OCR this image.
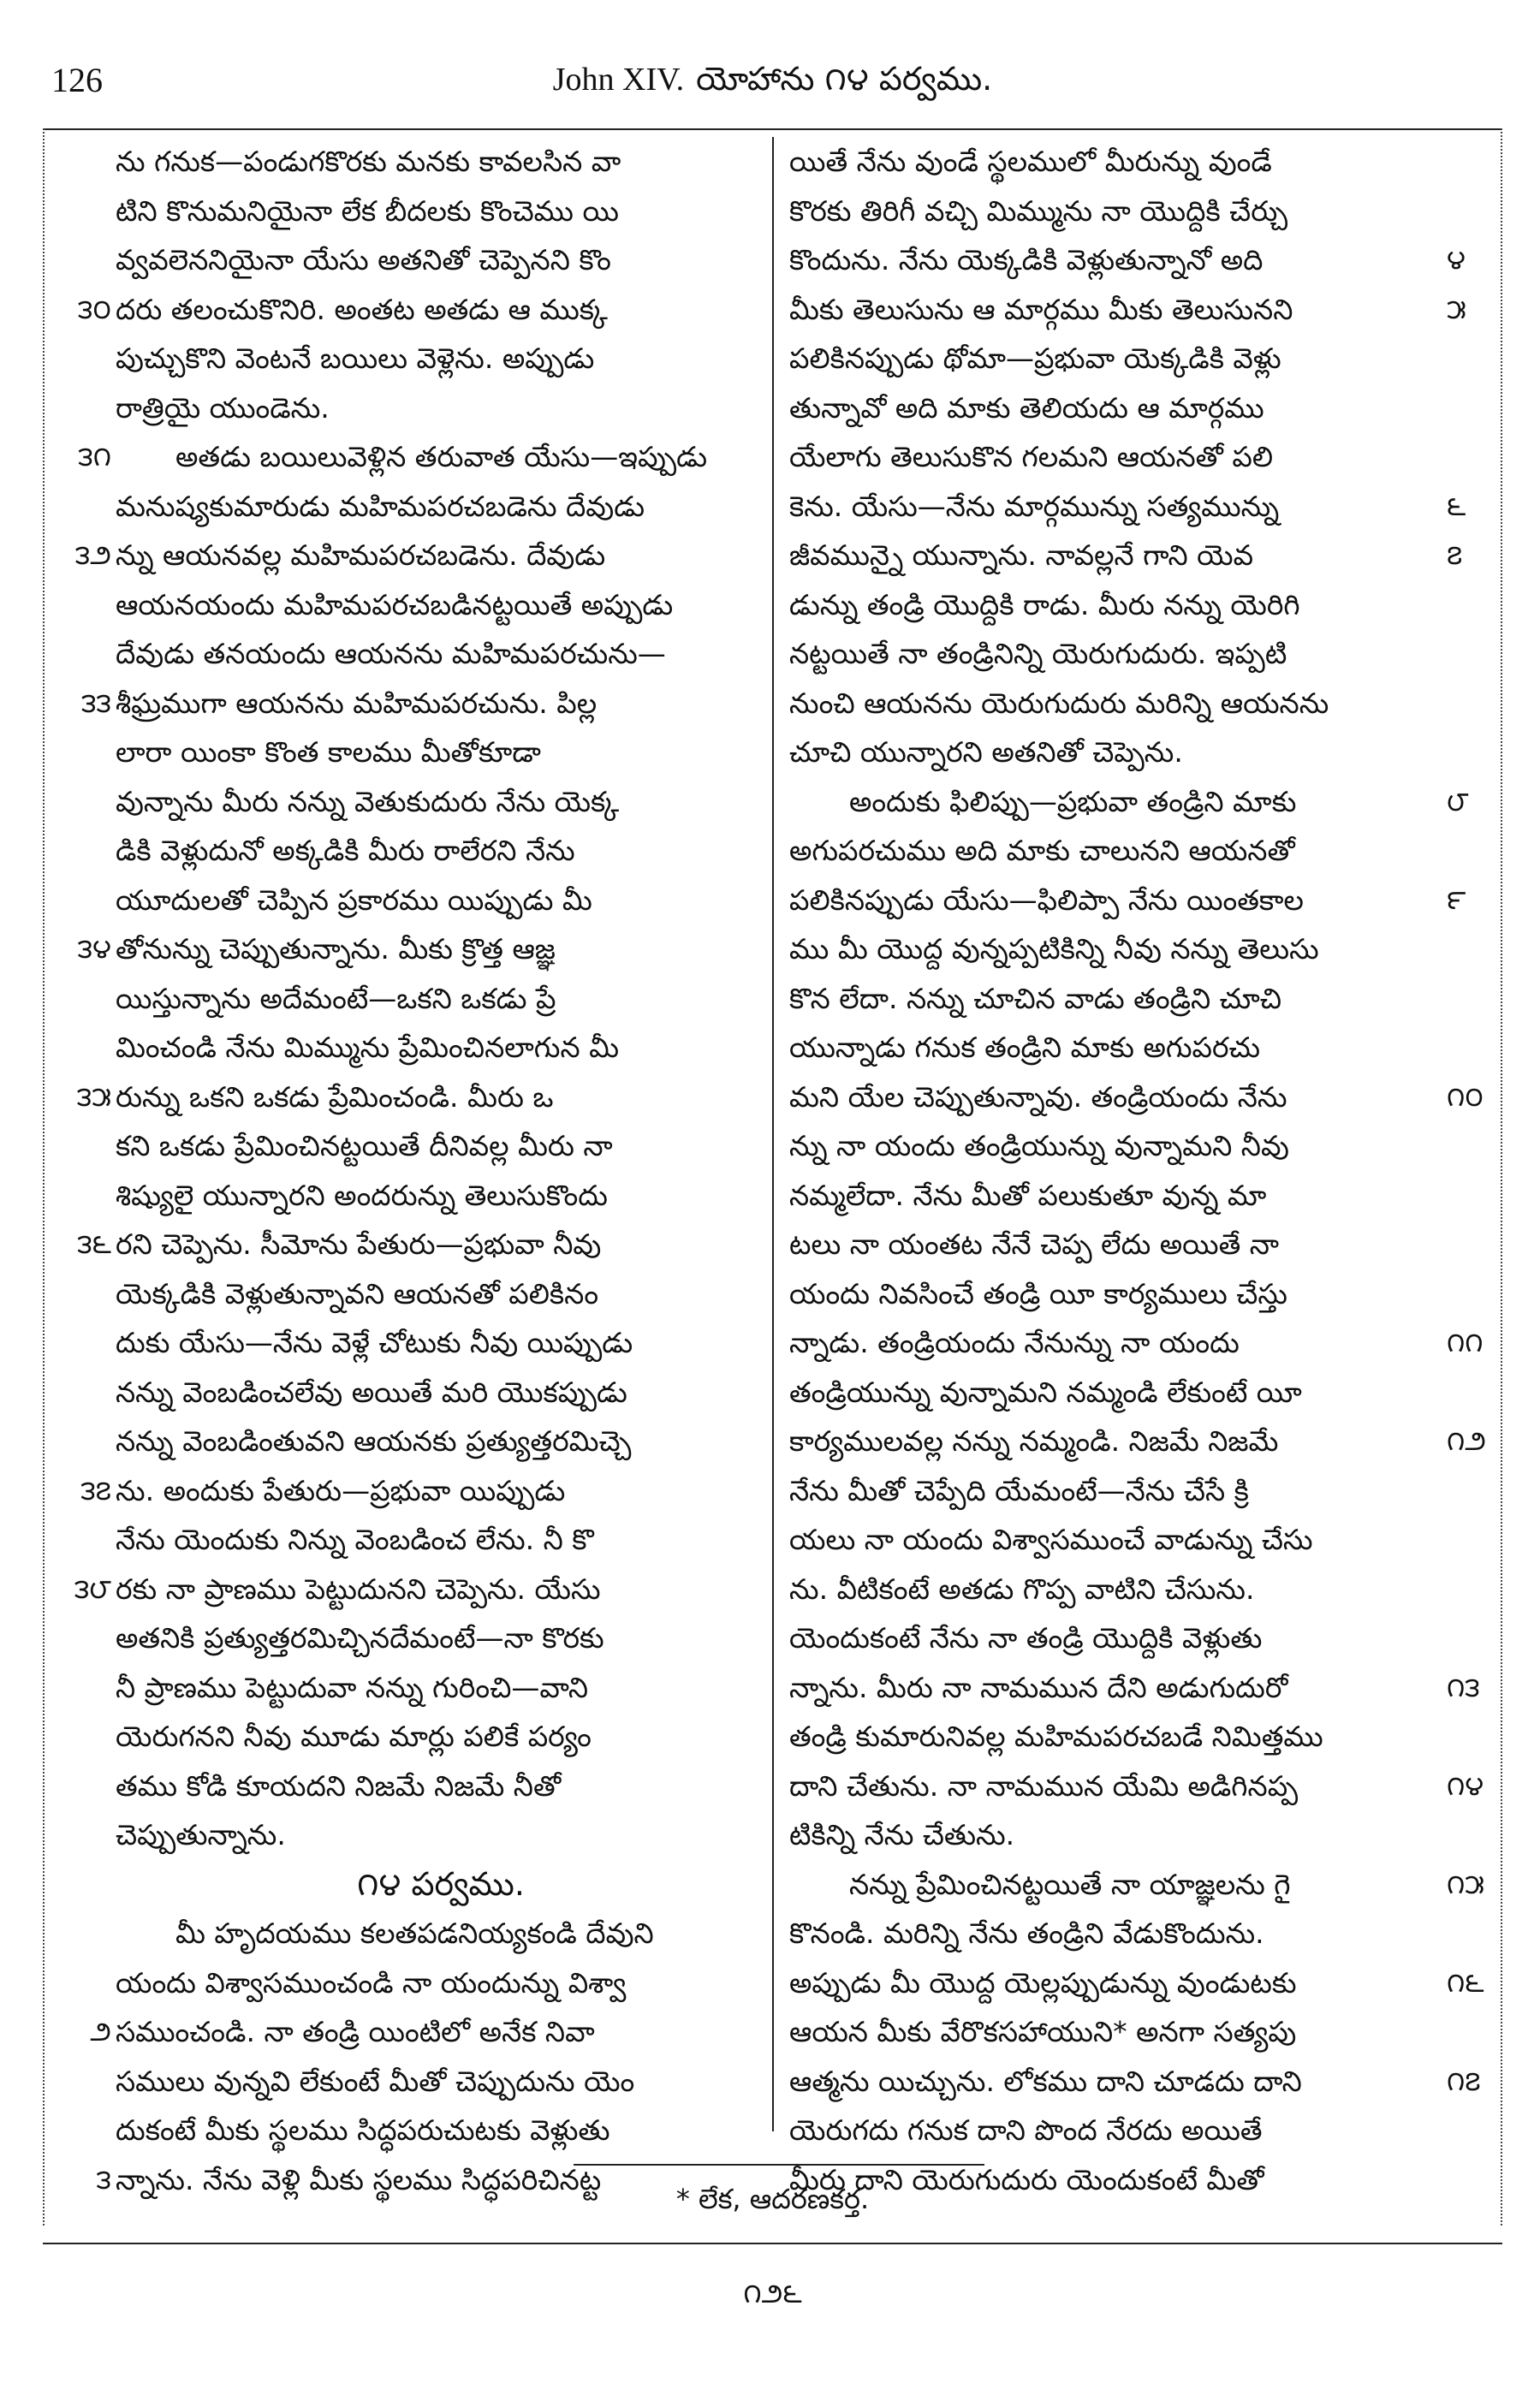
126	John XIV. యోహాను ౧౪ పర్వము.
ను గనుక—పండుగకొరకు మనకు కావలసిన వా
టిని కొనుమనియైనా లేక బీదలకు కొంచెము యి
వ్వవలెననియైనా యేసు అతనితో చెప్పెనని కొం
౩౦ దరు తలంచుకొనిరి. అంతట అతడు ఆ ముక్క
పుచ్చుకొని వెంటనే బయిలు వెళ్లెను. అప్పుడు
రాత్రియై యుండెను.
౩౧ అతడు బయిలువెళ్లిన తరువాత యేసు—ఇప్పుడు
మనుష్యకుమారుడు మహిమపరచబడెను దేవుడు
౩౨ న్ను ఆయనవల్ల మహిమపరచబడెను. దేవుడు
ఆయనయందు మహిమపరచబడినట్టయితే అప్పుడు
దేవుడు తనయందు ఆయనను మహిమపరచును—
౩౩ శీఘ్రముగా ఆయనను మహిమపరచును. పిల్ల
లారా యింకా కొంత కాలము మీతోకూడా
వున్నాను మీరు నన్ను వెతుకుదురు నేను యెక్క
డికి వెళ్లుదునో అక్కడికి మీరు రాలేరని నేను
యూదులతో చెప్పిన ప్రకారము యిప్పుడు మీ
౩౪ తోనున్ను చెప్పుతున్నాను. మీకు క్రొత్త ఆజ్ఞ
యిస్తున్నాను అదేమంటే—ఒకని ఒకడు ప్రే
మించండి నేను మిమ్మును ప్రేమించినలాగున మీ
౩౫ రున్ను ఒకని ఒకడు ప్రేమించండి. మీరు ఒ
కని ఒకడు ప్రేమించినట్టయితే దీనివల్ల మీరు నా
శిష్యులై యున్నారని అందరున్ను తెలుసుకొందు
౩౬ రని చెప్పెను. సీమోను పేతురు—ప్రభువా నీవు
యెక్కడికి వెళ్లుతున్నావని ఆయనతో పలికినం
దుకు యేసు—నేను వెళ్లే చోటుకు నీవు యిప్పుడు
నన్ను వెంబడించలేవు అయితే మరి యొకప్పుడు
నన్ను వెంబడింతువని ఆయనకు ప్రత్యుత్తరమిచ్చె
౩౭ ను. అందుకు పేతురు—ప్రభువా యిప్పుడు
నేను యెందుకు నిన్ను వెంబడించ లేను. నీ కొ
౩౮ రకు నా ప్రాణము పెట్టుదునని చెప్పెను. యేసు
అతనికి ప్రత్యుత్తరమిచ్చినదేమంటే—నా కొరకు
నీ ప్రాణము పెట్టుదువా నన్ను గురించి—వాని
యెరుగనని నీవు మూడు మార్లు పలికే పర్యం
తము కోడి కూయదని నిజమే నిజమే నీతో
చెప్పుతున్నాను.
౧౪ పర్వము.
మీ హృదయము కలతపడనియ్యకండి దేవుని
యందు విశ్వాసముంచండి నా యందున్ను విశ్వా
౨ సముంచండి. నా తండ్రి యింటిలో అనేక నివా
సములు వున్నవి లేకుంటే మీతో చెప్పుదును యెం
దుకంటే మీకు స్థలము సిద్ధపరుచుటకు వెళ్లుతు
౩ న్నాను. నేను వెళ్లి మీకు స్థలము సిద్ధపరిచినట్ట
యితే నేను వుండే స్థలములో మీరున్ను వుండే
కొరకు తిరిగీ వచ్చి మిమ్మును నా యొద్దికి చేర్చు
౪
కొందును. నేను యెక్కడికి వెళ్లుతున్నానో అది
౫
మీకు తెలుసును ఆ మార్గము మీకు తెలుసునని
పలికినప్పుడు థోమా—ప్రభువా యెక్కడికి వెళ్లు
తున్నావో అది మాకు తెలియదు ఆ మార్గము
యేలాగు తెలుసుకొన గలమని ఆయనతో పలి
౬
కెను. యేసు—నేను మార్గమున్ను సత్యమున్ను
౭
జీవమున్నై యున్నాను. నావల్లనే గాని యెవ
డున్ను తండ్రి యొద్దికి రాడు. మీరు నన్ను యెరిగి
నట్టయితే నా తండ్రినిన్ని యెరుగుదురు. ఇప్పటి
నుంచి ఆయనను యెరుగుదురు మరిన్ని ఆయనను
చూచి యున్నారని అతనితో చెప్పెను.
౮
అందుకు ఫిలిప్పు—ప్రభువా తండ్రిని మాకు
అగుపరచుము అది మాకు చాలునని ఆయనతో
౯
పలికినప్పుడు యేసు—ఫిలిప్పా నేను యింతకాల
ము మీ యొద్ద వున్నప్పటికిన్ని నీవు నన్ను తెలుసు
కొన లేదా. నన్ను చూచిన వాడు తండ్రిని చూచి
యున్నాడు గనుక తండ్రిని మాకు అగుపరచు
౧౦
మని యేల చెప్పుతున్నావు. తండ్రియందు నేను
న్ను నా యందు తండ్రియున్ను వున్నామని నీవు
నమ్మలేదా. నేను మీతో పలుకుతూ వున్న మా
టలు నా యంతట నేనే చెప్ప లేదు అయితే నా
యందు నివసించే తండ్రి యీ కార్యములు చేస్తు
౧౧
న్నాడు. తండ్రియందు నేనున్ను నా యందు
తండ్రియున్ను వున్నామని నమ్మండి లేకుంటే యీ
౧౨
కార్యములవల్ల నన్ను నమ్మండి. నిజమే నిజమే
నేను మీతో చెప్పేది యేమంటే—నేను చేసే క్రి
యలు నా యందు విశ్వాసముంచే వాడున్ను చేసు
ను. వీటికంటే అతడు గొప్ప వాటిని చేసును.
యెందుకంటే నేను నా తండ్రి యొద్దికి వెళ్లుతు
౧౩
న్నాను. మీరు నా నామమున దేని అడుగుదురో
తండ్రి కుమారునివల్ల మహిమపరచబడే నిమిత్తము
౧౪
దాని చేతును. నా నామమున యేమి అడిగినప్ప
టికిన్ని నేను చేతును.
౧౫
నన్ను ప్రేమించినట్టయితే నా యాజ్ఞలను గై
కొనండి. మరిన్ని నేను తండ్రిని వేడుకొందును.
౧౬
అప్పుడు మీ యొద్ద యెల్లప్పుడున్ను వుండుటకు
ఆయన మీకు వేరొకసహాయుని* అనగా సత్యపు
౧౭
ఆత్మను యిచ్చును. లోకము దాని చూడదు దాని
యెరుగదు గనుక దాని పొంద నేరదు అయితే
మీరు దాని యెరుగుదురు యెందుకంటే మీతో
* లేక, ఆదరణకర్త.
౧౨౬
